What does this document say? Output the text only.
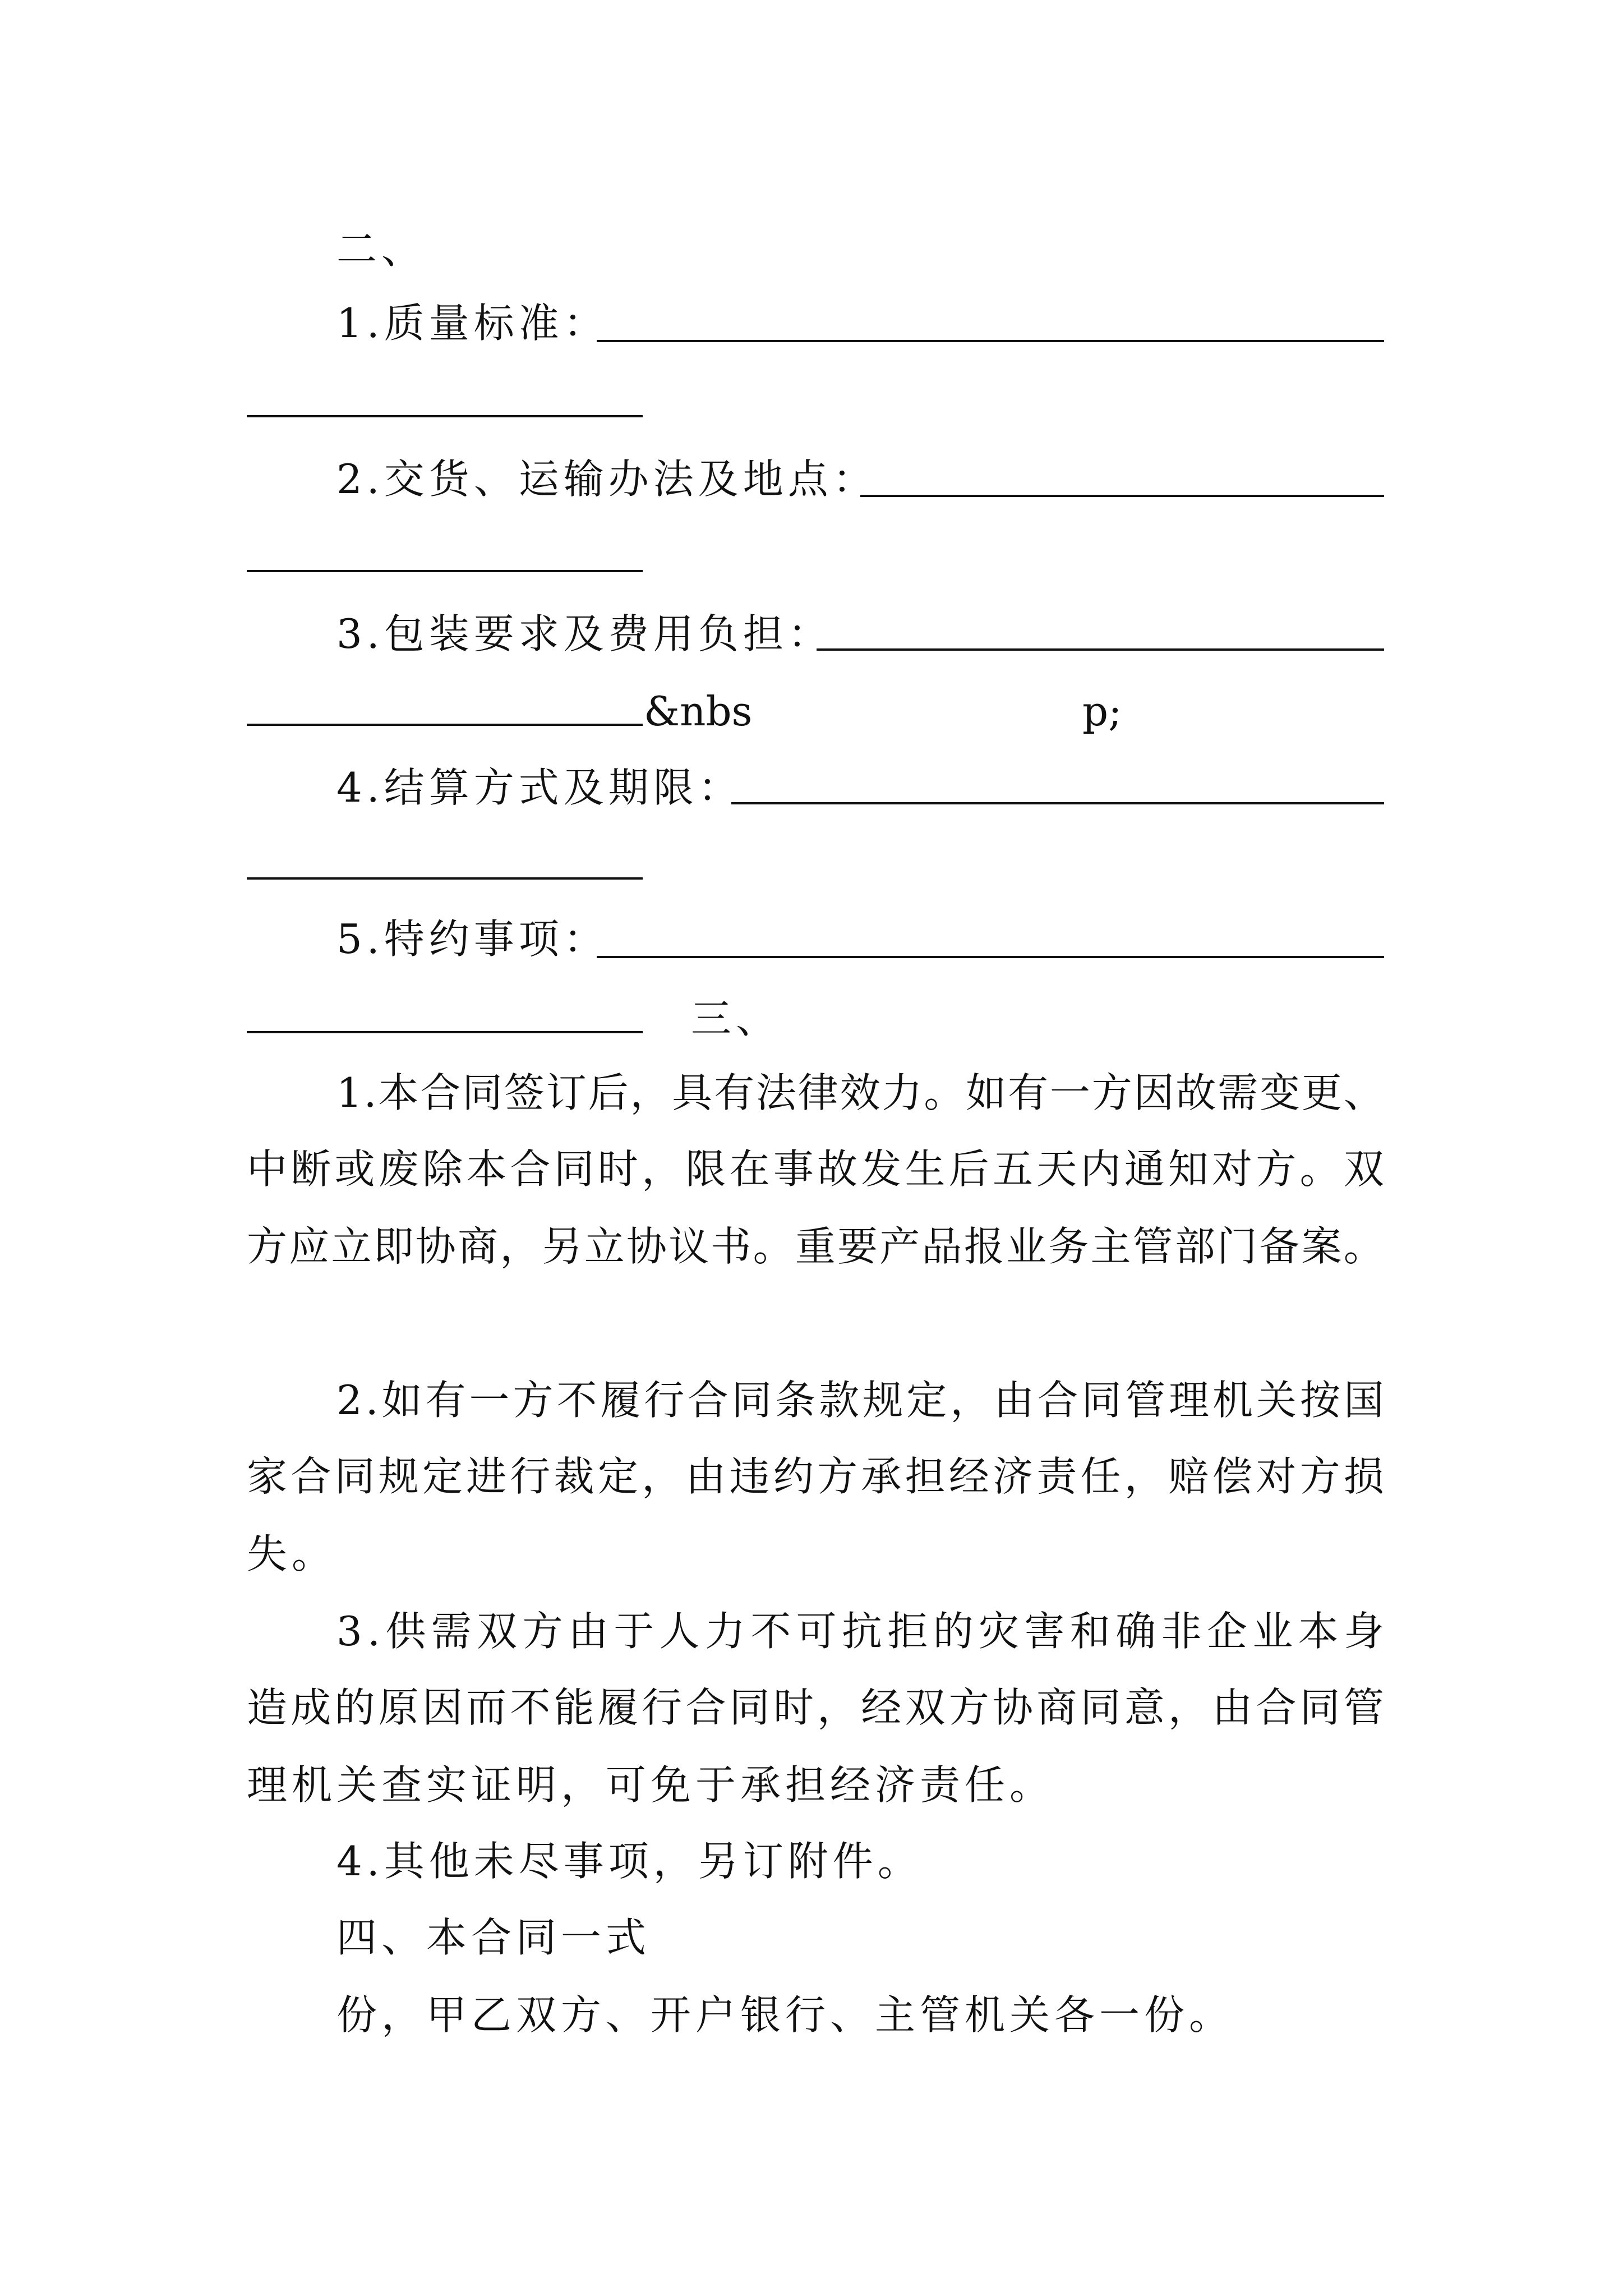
二、
1.质量标准：
2.交货、运输办法及地点：
3.包装要求及费用负担：
&nbs	p;
4.结算方式及期限：
5.特约事项：
三、
1 . 本 合 同 签 订 后 ， 具 有 法 律 效 力 。 如 有 一 方 因 故 需 变 更 、
中 断 或 废 除 本 合 同 时 ， 限 在 事 故 发 生 后 五 天 内 通 知 对 方 。 双
方 应 立 即 协 商 ， 另 立 协 议 书 。 重 要 产 品 报 业 务 主 管 部 门 备 案 。
2 . 如 有 一 方 不 履 行 合 同 条 款 规 定 ， 由 合 同 管 理 机 关 按 国
家 合 同 规 定 进 行 裁 定 ， 由 违 约 方 承 担 经 济 责 任 ， 赔 偿 对 方 损
失。
3 . 供 需 双 方 由 于 人 力 不 可 抗 拒 的 灾 害 和 确 非 企 业 本 身
造 成 的 原 因 而 不 能 履 行 合 同 时 ， 经 双 方 协 商 同 意 ， 由 合 同 管
理机关查实证明，可免于承担经济责任。
4.其他未尽事项，另订附件。
四、本合同一式
份，甲乙双方、开户银行、主管机关各一份。
